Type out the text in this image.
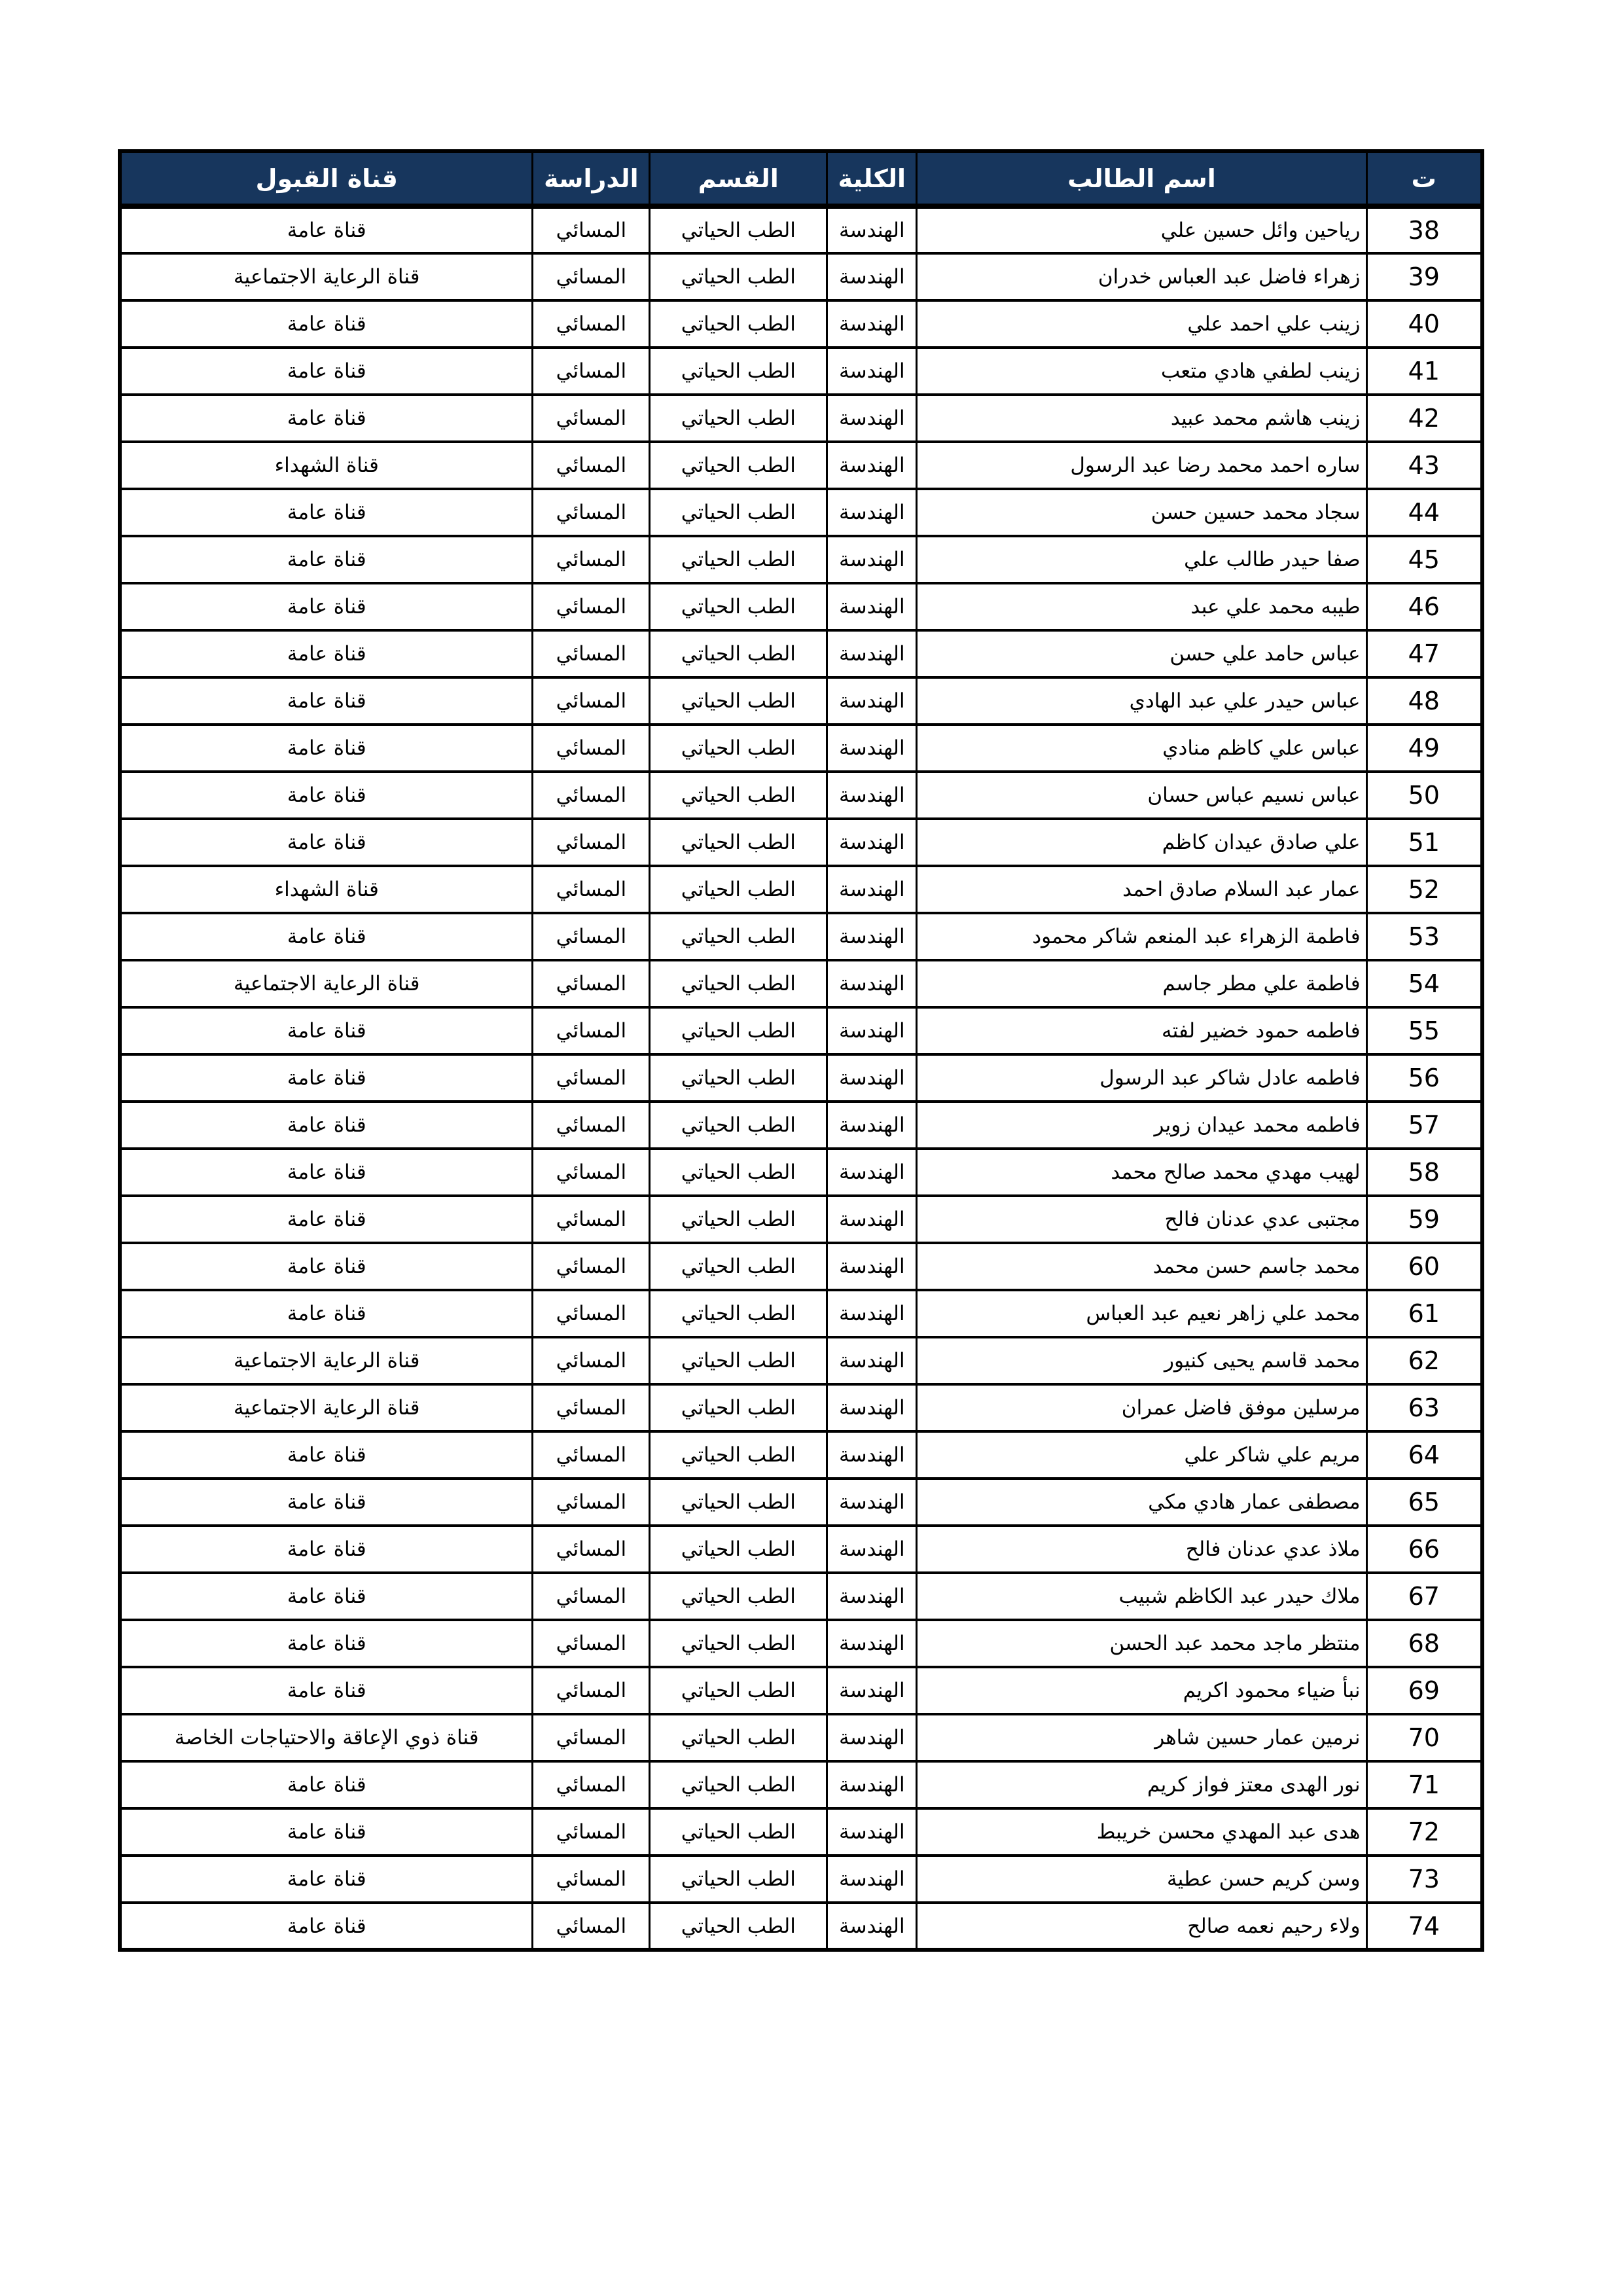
ت	اسم الطالب	الكلية	القسم	الدراسة	قناة القبول
38	رياحين وائل حسين علي	الهندسة	الطب الحياتي	المسائي	قناة عامة
39	زهراء فاضل عبد العباس خدران	الهندسة	الطب الحياتي	المسائي	قناة الرعاية الاجتماعية
40	زينب علي احمد علي	الهندسة	الطب الحياتي	المسائي	قناة عامة
41	زينب لطفي هادي متعب	الهندسة	الطب الحياتي	المسائي	قناة عامة
42	زينب هاشم محمد عبيد	الهندسة	الطب الحياتي	المسائي	قناة عامة
43	ساره احمد محمد رضا عبد الرسول	الهندسة	الطب الحياتي	المسائي	قناة الشهداء
44	سجاد محمد حسين حسن	الهندسة	الطب الحياتي	المسائي	قناة عامة
45	صفا حيدر طالب علي	الهندسة	الطب الحياتي	المسائي	قناة عامة
46	طيبه محمد علي عبد	الهندسة	الطب الحياتي	المسائي	قناة عامة
47	عباس حامد علي حسن	الهندسة	الطب الحياتي	المسائي	قناة عامة
48	عباس حيدر علي عبد الهادي	الهندسة	الطب الحياتي	المسائي	قناة عامة
49	عباس علي كاظم منادي	الهندسة	الطب الحياتي	المسائي	قناة عامة
50	عباس نسيم عباس حسان	الهندسة	الطب الحياتي	المسائي	قناة عامة
51	علي صادق عيدان كاظم	الهندسة	الطب الحياتي	المسائي	قناة عامة
52	عمار عبد السلام صادق احمد	الهندسة	الطب الحياتي	المسائي	قناة الشهداء
53	فاطمة الزهراء عبد المنعم شاكر محمود	الهندسة	الطب الحياتي	المسائي	قناة عامة
54	فاطمة علي مطر جاسم	الهندسة	الطب الحياتي	المسائي	قناة الرعاية الاجتماعية
55	فاطمه حمود خضير لفته	الهندسة	الطب الحياتي	المسائي	قناة عامة
56	فاطمه عادل شاكر عبد الرسول	الهندسة	الطب الحياتي	المسائي	قناة عامة
57	فاطمه محمد عيدان زوير	الهندسة	الطب الحياتي	المسائي	قناة عامة
58	لهيب مهدي محمد صالح محمد	الهندسة	الطب الحياتي	المسائي	قناة عامة
59	مجتبى عدي عدنان فالح	الهندسة	الطب الحياتي	المسائي	قناة عامة
60	محمد جاسم حسن محمد	الهندسة	الطب الحياتي	المسائي	قناة عامة
61	محمد علي زاهر نعيم عبد العباس	الهندسة	الطب الحياتي	المسائي	قناة عامة
62	محمد قاسم يحيى كنيور	الهندسة	الطب الحياتي	المسائي	قناة الرعاية الاجتماعية
63	مرسلين موفق فاضل عمران	الهندسة	الطب الحياتي	المسائي	قناة الرعاية الاجتماعية
64	مريم علي شاكر علي	الهندسة	الطب الحياتي	المسائي	قناة عامة
65	مصطفى عمار هادي مكي	الهندسة	الطب الحياتي	المسائي	قناة عامة
66	ملاذ عدي عدنان فالح	الهندسة	الطب الحياتي	المسائي	قناة عامة
67	ملاك حيدر عبد الكاظم شبيب	الهندسة	الطب الحياتي	المسائي	قناة عامة
68	منتظر ماجد محمد عبد الحسن	الهندسة	الطب الحياتي	المسائي	قناة عامة
69	نبأ ضياء محمود اكريم	الهندسة	الطب الحياتي	المسائي	قناة عامة
70	نرمين عمار حسين شاهر	الهندسة	الطب الحياتي	المسائي	قناة ذوي الإعاقة والاحتياجات الخاصة
71	نور الهدى معتز فواز كريم	الهندسة	الطب الحياتي	المسائي	قناة عامة
72	هدى عبد المهدي محسن خريبط	الهندسة	الطب الحياتي	المسائي	قناة عامة
73	وسن كريم حسن عطية	الهندسة	الطب الحياتي	المسائي	قناة عامة
74	ولاء رحيم نعمه صالح	الهندسة	الطب الحياتي	المسائي	قناة عامة
